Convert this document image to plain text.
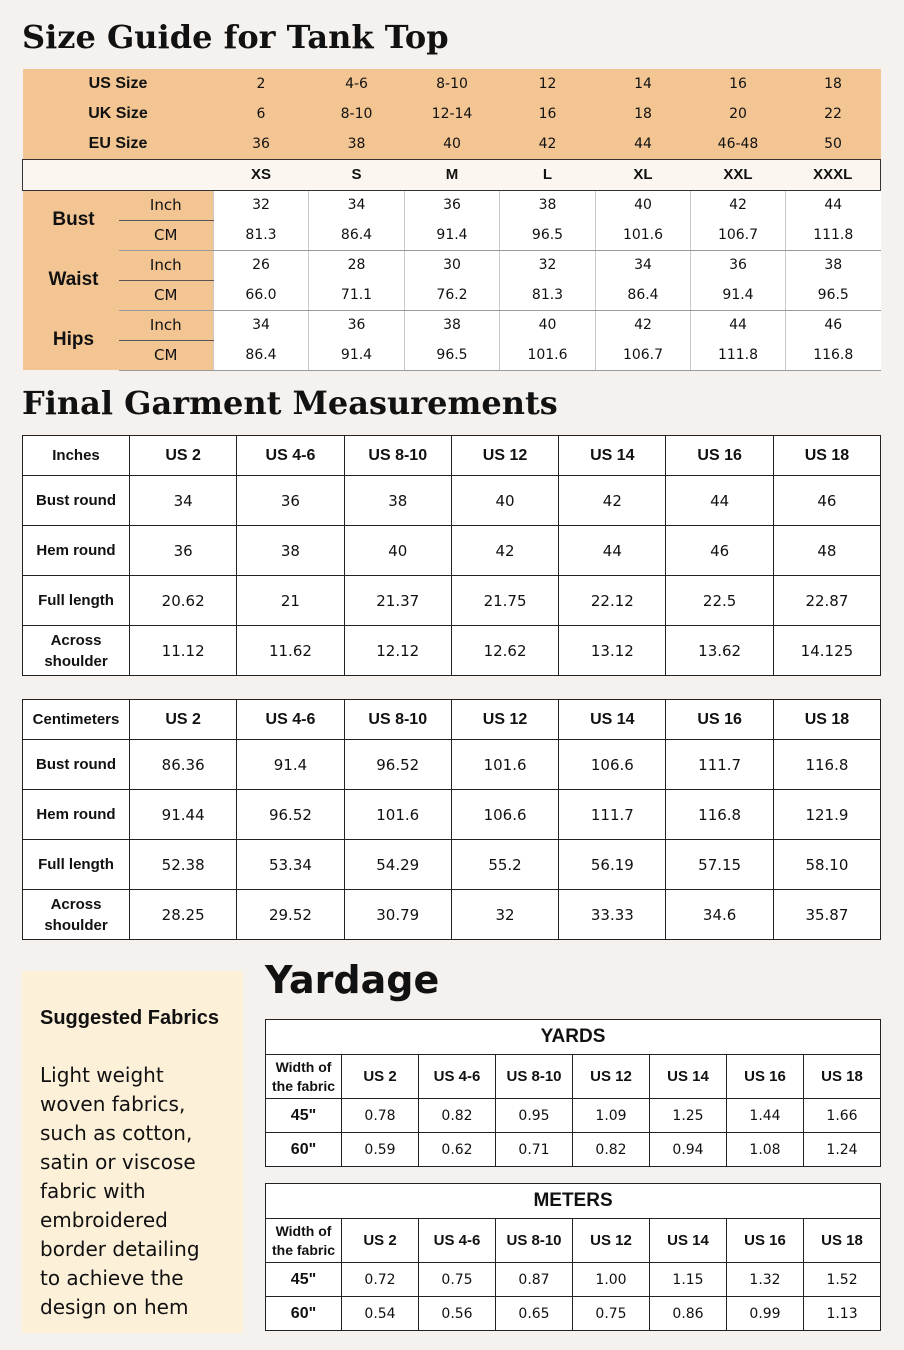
Size Guide for Tank Top
US Size		2	4-6	8-10	12	14	16	18
UK Size		6	8-10	12-14	16	18	20	22
EU Size		36	38	40	42	44	46-48	50
		XS	S	M	L	XL	XXL	XXXL
Bust	Inch	32	34	36	38	40	42	44
	CM	81.3	86.4	91.4	96.5	101.6	106.7	111.8
Waist	Inch	26	28	30	32	34	36	38
	CM	66.0	71.1	76.2	81.3	86.4	91.4	96.5
Hips	Inch	34	36	38	40	42	44	46
	CM	86.4	91.4	96.5	101.6	106.7	111.8	116.8
Final Garment Measurements
Inches	US 2	US 4-6	US 8-10	US 12	US 14	US 16	US 18
Bust round	34	36	38	40	42	44	46
Hem round	36	38	40	42	44	46	48
Full length	20.62	21	21.37	21.75	22.12	22.5	22.87
Across shoulder	11.12	11.62	12.12	12.62	13.12	13.62	14.125
Centimeters	US 2	US 4-6	US 8-10	US 12	US 14	US 16	US 18
Bust round	86.36	91.4	96.52	101.6	106.6	111.7	116.8
Hem round	91.44	96.52	101.6	106.6	111.7	116.8	121.9
Full length	52.38	53.34	54.29	55.2	56.19	57.15	58.10
Across shoulder	28.25	29.52	30.79	32	33.33	34.6	35.87
Suggested Fabrics
Light weight woven fabrics, such as cotton, satin or viscose fabric with embroidered border detailing to achieve the design on hem
Yardage
YARDS							
Width of the fabric	US 2	US 4-6	US 8-10	US 12	US 14	US 16	US 18
45"	0.78	0.82	0.95	1.09	1.25	1.44	1.66
60"	0.59	0.62	0.71	0.82	0.94	1.08	1.24
METERS							
Width of the fabric	US 2	US 4-6	US 8-10	US 12	US 14	US 16	US 18
45"	0.72	0.75	0.87	1.00	1.15	1.32	1.52
60"	0.54	0.56	0.65	0.75	0.86	0.99	1.13
